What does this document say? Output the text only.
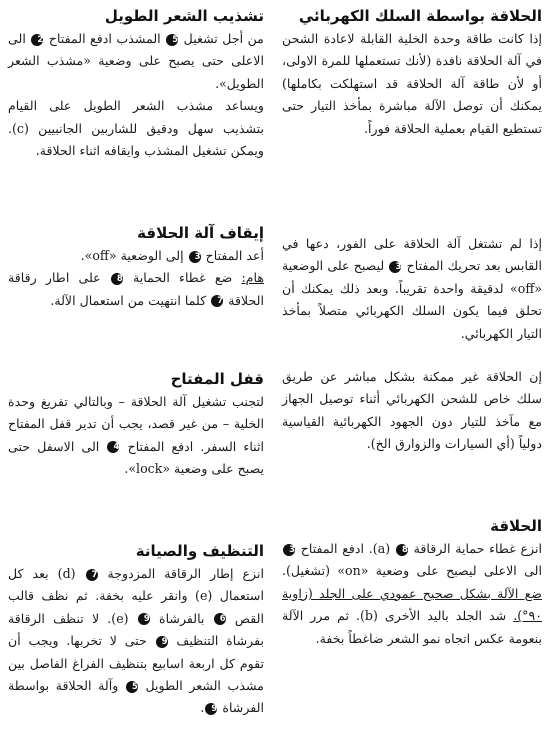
الحلاقة بواسطة السلك الكهربائي

إذا كانت طاقة وحدة الخلية القابلة لاعادة الشحن في آلة الحلاقة نافدة (لأنك تستعملها للمرة الاولى، أو لأن طاقة آلة الحلاقة قد استهلكت بكاملها) يمكنك أن توصل الآلة مباشرة بمأخذ التيار حتى تستطيع القيام بعملية الحلاقة فوراً.

إذا لم تشتغل آلة الحلاقة على الفور، دعها في القابس بعد تحريك المفتاح 3 ليصبح على الوضعية «off» لدقيقة واحدة تقريباً. وبعد ذلك يمكنك أن تحلق فيما يكون السلك الكهربائي متصلاً بمأخذ التيار الكهربائي.

إن الحلاقة غير ممكنة بشكل مباشر عن طريق سلك خاص للشحن الكهربائي أثناء توصيل الجهاز مع مآخذ للتيار دون الجهود الكهربائية القياسية دولياً (أي السيارات والزوارق الخ).

الحلاقة

انزع غطاء حماية الرقاقة 8 (a). ادفع المفتاح 3 الى الاعلى ليصبح على وضعية «on» (تشغيل). ضع الآلة بشكل صحيح عمودي على الجلد (زاوية ٩٠°). شد الجلد باليد الأخرى (b). ثم مرر الآلة بنعومة عكس اتجاه نمو الشعر ضاغطاً بخفة.

تشذيب الشعر الطويل

من أجل تشغيل 5 المشذب ادفع المفتاح 2 الى الاعلى حتى يصبح على وضعية «مشذب الشعر الطويل».

ويساعد مشذب الشعر الطويل على القيام بتشذيب سهل ودقيق للشاربين الجانبيين (c). ويمكن تشغيل المشذب وايقافه اثناء الحلاقة.

إيقاف آلة الحلاقة

أعد المفتاح 3 إلى الوضعية «off».
هام: ضع غطاء الحماية 8 على اطار رقاقة الحلاقة 7 كلما انتهيت من استعمال الآلة.

قفل المفتاح

لتجنب تشغيل آلة الحلاقة – وبالتالي تفريغ وحدة الخلية – من غير قصد، يجب أن تدير قفل المفتاح اثناء السفر. ادفع المفتاح 4 الى الاسفل حتى يصبح على وضعية «lock».

التنظيف والصيانة

انزع إطار الرقاقة المزدوجة 7 (d) بعد كل استعمال (e) وانقر عليه بخفة. ثم نظف قالب القص 6 بالفرشاة 9 (e). لا تنظف الرقاقة بفرشاة التنظيف 9 حتى لا تخربها. ويجب أن تقوم كل اربعة اسابيع بتنظيف الفراغ الفاصل بين مشذب الشعر الطويل 5 وآلة الحلاقة بواسطة الفرشاة 9.
